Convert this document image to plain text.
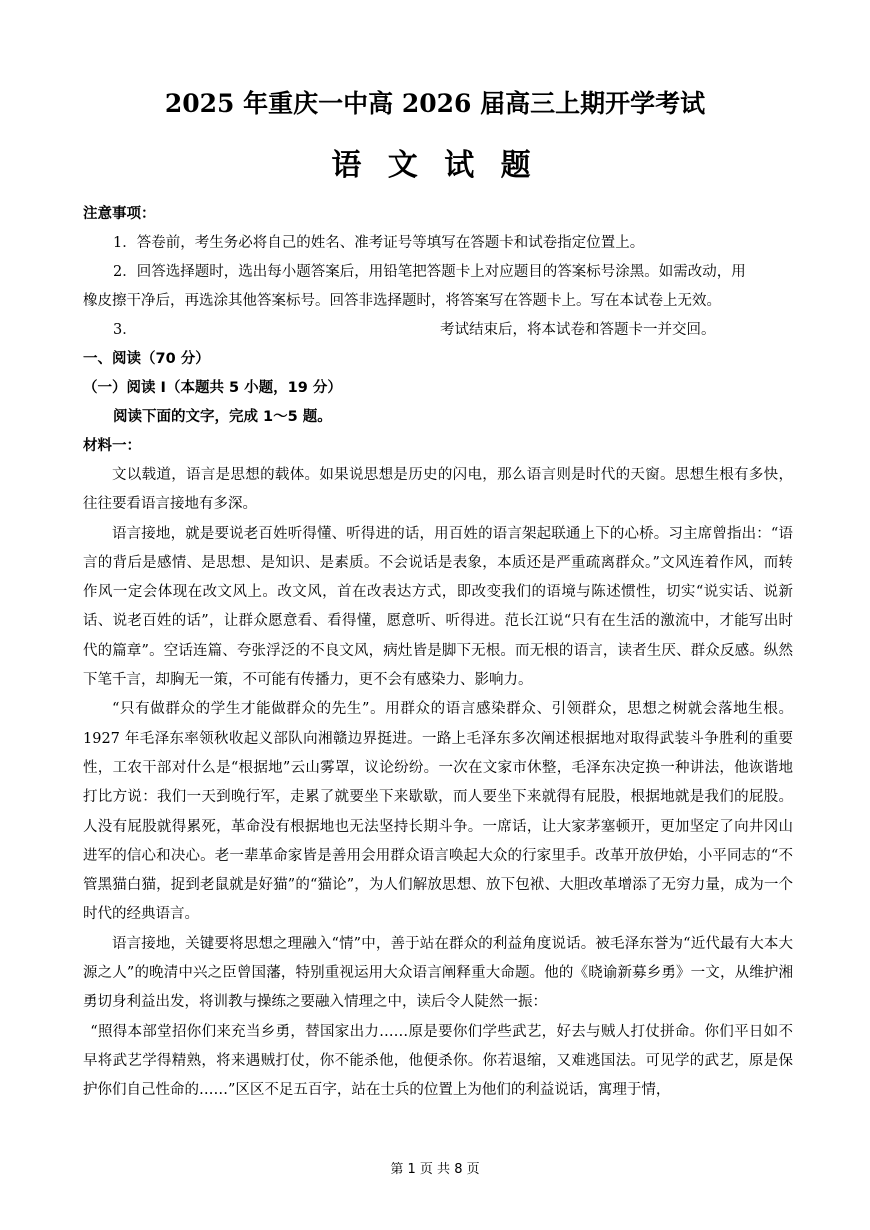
2025 年重庆一中高 2026 届高三上期开学考试
语 文 试 题
注意事项：
1．答卷前，考生务必将自己的姓名、准考证号等填写在答题卡和试卷指定位置上。
2．回答选择题时，选出每小题答案后，用铅笔把答题卡上对应题目的答案标号涂黑。如需改动，用
橡皮擦干净后，再选涂其他答案标号。回答非选择题时，将答案写在答题卡上。写在本试卷上无效。
3．	考试结束后，将本试卷和答题卡一并交回。
一、阅读（70 分）
（一）阅读 Ⅰ（本题共 5 小题，19 分）
阅读下面的文字，完成 1～5 题。
材料一：

文以载道，语言是思想的载体。如果说思想是历史的闪电，那么语言则是时代的天窗。思想生根有多快，往往要看语言接地有多深。

语言接地，就是要说老百姓听得懂、听得进的话，用百姓的语言架起联通上下的心桥。习主席曾指出：“语言的背后是感情、是思想、是知识、是素质。不会说话是表象，本质还是严重疏离群众。”文风连着作风，而转作风一定会体现在改文风上。改文风，首在改表达方式，即改变我们的语境与陈述惯性，切实“说实话、说新话、说老百姓的话”，让群众愿意看、看得懂，愿意听、听得进。范长江说“只有在生活的激流中，才能写出时代的篇章”。空话连篇、夸张浮泛的不良文风，病灶皆是脚下无根。而无根的语言，读者生厌、群众反感。纵然下笔千言，却胸无一策，不可能有传播力，更不会有感染力、影响力。

“只有做群众的学生才能做群众的先生”。用群众的语言感染群众、引领群众，思想之树就会落地生根。1927 年毛泽东率领秋收起义部队向湘赣边界挺进。一路上毛泽东多次阐述根据地对取得武装斗争胜利的重要性，工农干部对什么是“根据地”云山雾罩，议论纷纷。一次在文家市休整，毛泽东决定换一种讲法，他诙谐地打比方说：我们一天到晚行军，走累了就要坐下来歇歇，而人要坐下来就得有屁股，根据地就是我们的屁股。人没有屁股就得累死，革命没有根据地也无法坚持长期斗争。一席话，让大家茅塞顿开，更加坚定了向井冈山进军的信心和决心。老一辈革命家皆是善用会用群众语言唤起大众的行家里手。改革开放伊始，小平同志的“不管黑猫白猫，捉到老鼠就是好猫”的“猫论”，为人们解放思想、放下包袱、大胆改革增添了无穷力量，成为一个时代的经典语言。

语言接地，关键要将思想之理融入“情”中，善于站在群众的利益角度说话。被毛泽东誉为“近代最有大本大源之人”的晚清中兴之臣曾国藩，特别重视运用大众语言阐释重大命题。他的《晓谕新募乡勇》一文，从维护湘勇切身利益出发，将训教与操练之要融入情理之中，读后令人陡然一振：

“照得本部堂招你们来充当乡勇，替国家出力……原是要你们学些武艺，好去与贼人打仗拼命。你们平日如不早将武艺学得精熟，将来遇贼打仗，你不能杀他，他便杀你。你若退缩，又难逃国法。可见学的武艺，原是保护你们自己性命的……”区区不足五百字，站在士兵的位置上为他们的利益说话，寓理于情，

第 1 页 共 8 页
